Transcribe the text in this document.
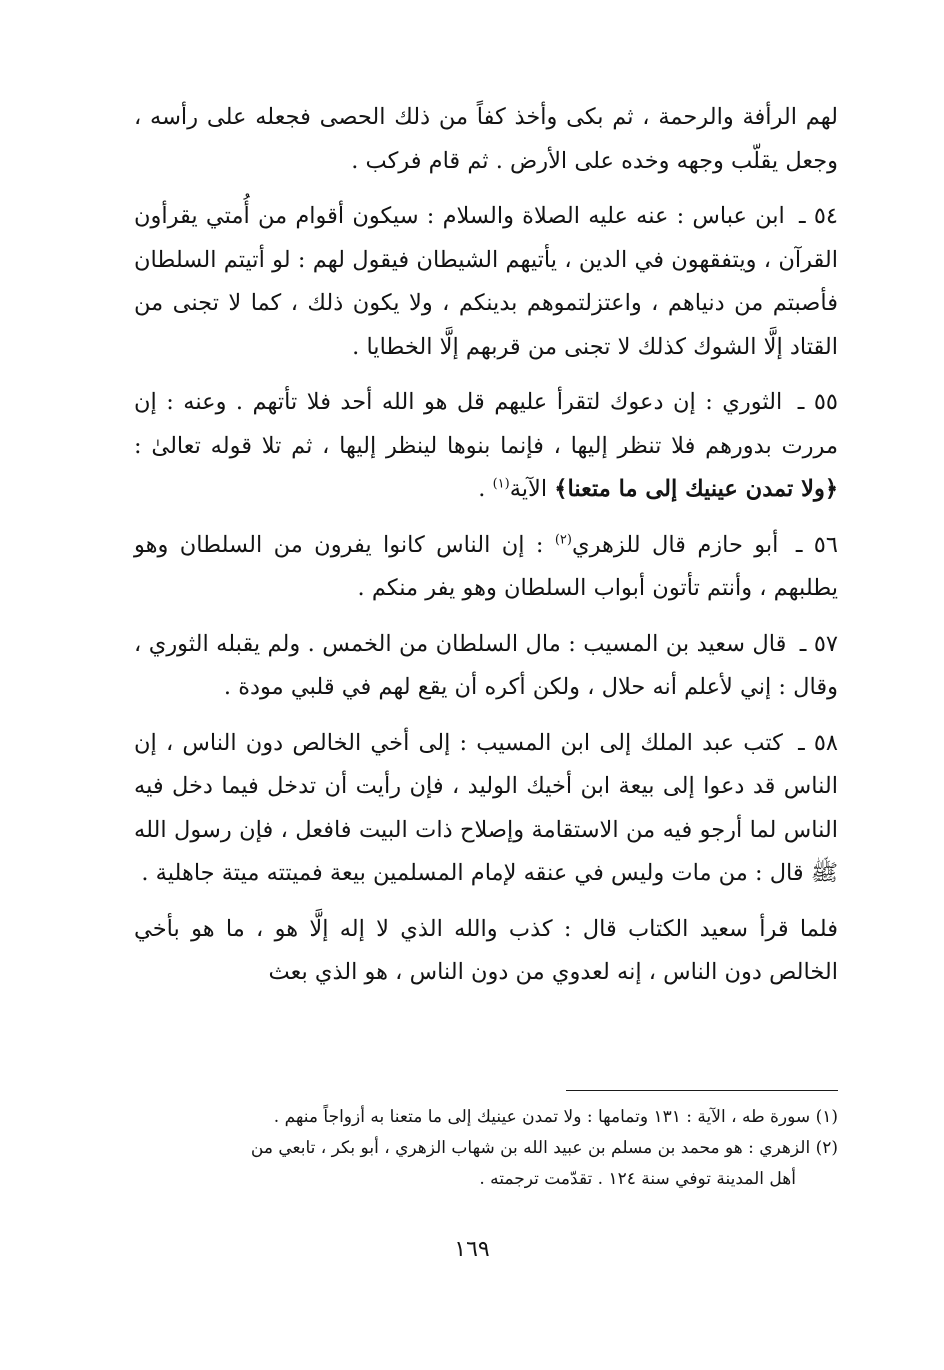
لهم الرأفة والرحمة ، ثم بكى وأخذ كفاً من ذلك الحصى فجعله على رأسه ، وجعل يقلّب وجهه وخده على الأرض . ثم قام فركب .

٥٤ ـ ابن عباس : عنه عليه الصلاة والسلام : سيكون أقوام من أُمتي يقرأون القرآن ، ويتفقهون في الدين ، يأتيهم الشيطان فيقول لهم : لو أتيتم السلطان فأصبتم من دنياهم ، واعتزلتموهم بدينكم ، ولا يكون ذلك ، كما لا تجنى من القتاد إلَّا الشوك كذلك لا تجنى من قربهم إلَّا الخطايا .

٥٥ ـ الثوري : إن دعوك لتقرأ عليهم قل هو الله أحد فلا تأتهم . وعنه : إن مررت بدورهم فلا تنظر إليها ، فإنما بنوها لينظر إليها ، ثم تلا قوله تعالىٰ : ﴿ولا تمدن عينيك إلى ما متعنا﴾ الآية$^{(١)}$ .

٥٦ ـ أبو حازم قال للزهري$^{(٢)}$ : إن الناس كانوا يفرون من السلطان وهو يطلبهم ، وأنتم تأتون أبواب السلطان وهو يفر منكم .

٥٧ ـ قال سعيد بن المسيب : مال السلطان من الخمس . ولم يقبله الثوري ، وقال : إني لأعلم أنه حلال ، ولكن أكره أن يقع لهم في قلبي مودة .

٥٨ ـ كتب عبد الملك إلى ابن المسيب : إلى أخي الخالص دون الناس ، إن الناس قد دعوا إلى بيعة ابن أخيك الوليد ، فإن رأيت أن تدخل فيما دخل فيه الناس لما أرجو فيه من الاستقامة وإصلاح ذات البيت فافعل ، فإن رسول الله ﷺ قال : من مات وليس في عنقه لإمام المسلمين بيعة فميتته ميتة جاهلية .

فلما قرأ سعيد الكتاب قال : كذب والله الذي لا إله إلَّا هو ، ما هو بأخي الخالص دون الناس ، إنه لعدوي من دون الناس ، هو الذي بعث

(١) سورة طه ، الآية : ١٣١ وتمامها : ولا تمدن عينيك إلى ما متعنا به أزواجاً منهم .

(٢) الزهري : هو محمد بن مسلم بن عبيد الله بن شهاب الزهري ، أبو بكر ، تابعي من
أهل المدينة توفي سنة ١٢٤ . تقدّمت ترجمته .

١٦٩
